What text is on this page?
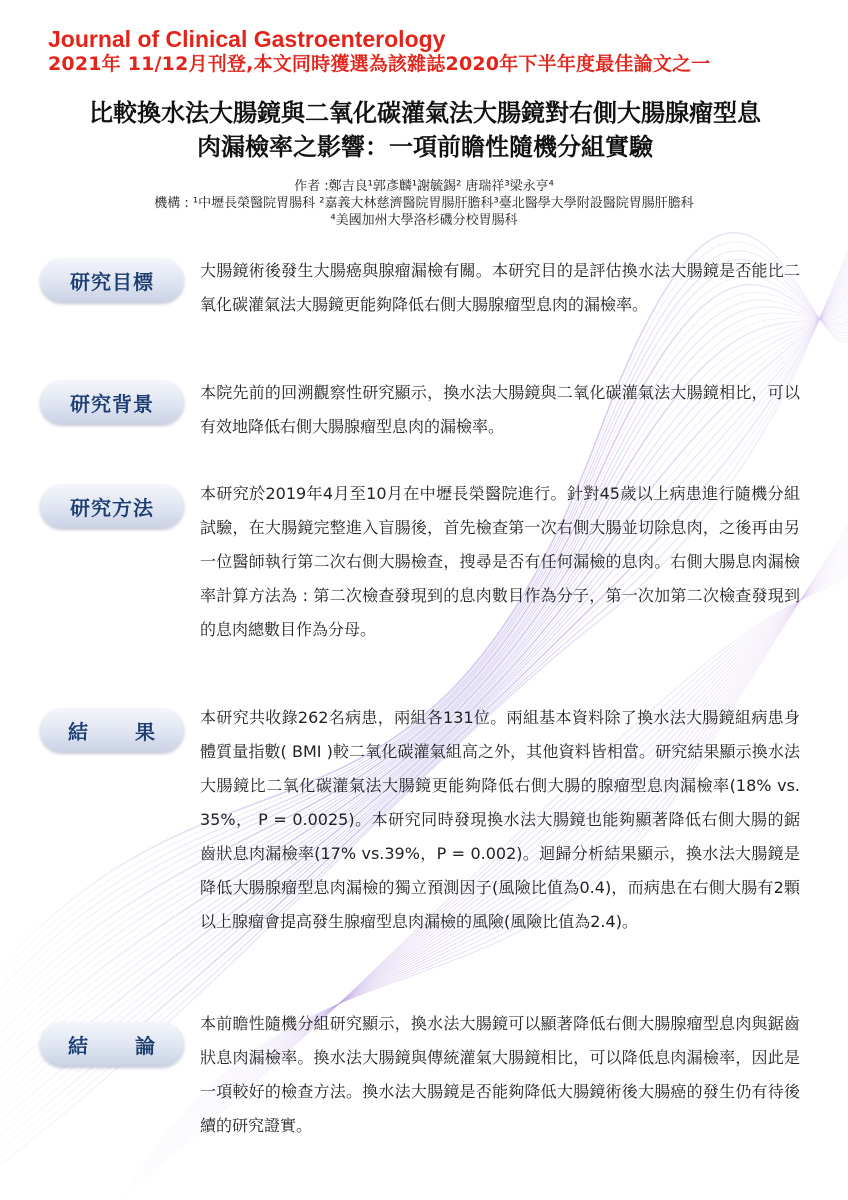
Journal of Clinical Gastroenterology
2021年 11/12月刊登,本文同時獲選為該雜誌2020年下半年度最佳論文之一
比較換水法大腸鏡與二氧化碳灌氣法大腸鏡對右側大腸腺瘤型息
肉漏檢率之影響：一項前瞻性隨機分組實驗
作者 :鄭吉良¹郭彥麟¹謝毓錫² 唐瑞祥³梁永亨⁴
機構 : ¹中壢長榮醫院胃腸科 ²嘉義大林慈濟醫院胃腸肝膽科³臺北醫學大學附設醫院胃腸肝膽科
⁴美國加州大學洛杉磯分校胃腸科
研究目標	大腸鏡術後發生大腸癌與腺瘤漏檢有關。本研究目的是評估換水法大腸鏡是否能比二氧化碳灌氣法大腸鏡更能夠降低右側大腸腺瘤型息肉的漏檢率。

研究背景	本院先前的回溯觀察性研究顯示，換水法大腸鏡與二氧化碳灌氣法大腸鏡相比，可以有效地降低右側大腸腺瘤型息肉的漏檢率。

研究方法

本研究於2019年4月至10月在中壢長榮醫院進行。針對45歲以上病患進行隨機分組試驗，在大腸鏡完整進入盲腸後，首先檢查第一次右側大腸並切除息肉，之後再由另一位醫師執行第二次右側大腸檢查，搜尋是否有任何漏檢的息肉。右側大腸息肉漏檢率計算方法為 : 第二次檢查發現到的息肉數目作為分子，第一次加第二次檢查發現到的息肉總數目作為分母。

結 果

本研究共收錄262名病患，兩組各131位。兩組基本資料除了換水法大腸鏡組病患身體質量指數( BMI )較二氧化碳灌氣組高之外，其他資料皆相當。研究結果顯示換水法大腸鏡比二氧化碳灌氣法大腸鏡更能夠降低右側大腸的腺瘤型息肉漏檢率(18% vs. 35%， P = 0.0025)。本研究同時發現換水法大腸鏡也能夠顯著降低右側大腸的鋸齒狀息肉漏檢率(17% vs.39%，P = 0.002)。迴歸分析結果顯示，換水法大腸鏡是降低大腸腺瘤型息肉漏檢的獨立預測因子(風險比值為0.4)，而病患在右側大腸有2顆以上腺瘤會提高發生腺瘤型息肉漏檢的風險(風險比值為2.4)。

結 論

本前瞻性隨機分組研究顯示，換水法大腸鏡可以顯著降低右側大腸腺瘤型息肉與鋸齒狀息肉漏檢率。換水法大腸鏡與傳統灌氣大腸鏡相比，可以降低息肉漏檢率，因此是一項較好的檢查方法。換水法大腸鏡是否能夠降低大腸鏡術後大腸癌的發生仍有待後續的研究證實。
